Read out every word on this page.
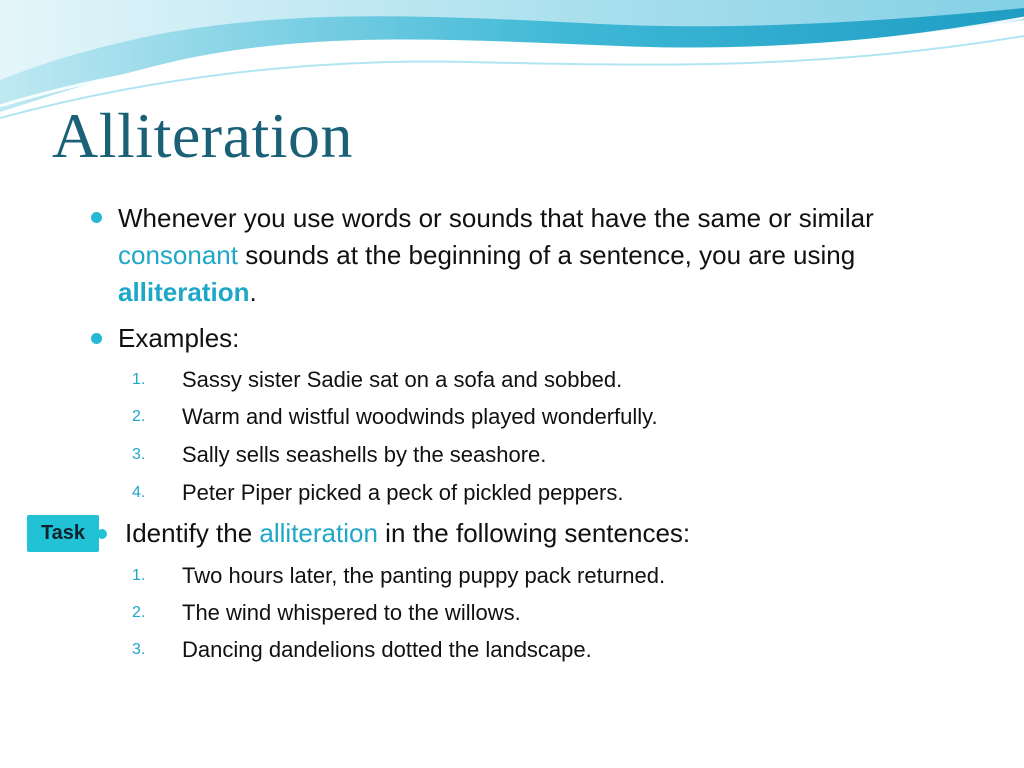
Alliteration
Whenever you use words or sounds that have the same or similar consonant sounds at the beginning of a sentence, you are using alliteration.
Examples:
1.	Sassy sister Sadie sat on a sofa and sobbed.
2.	Warm and wistful woodwinds played wonderfully.
3.	Sally sells seashells by the seashore.
4.	Peter Piper picked a peck of pickled peppers.
Task	Identify the alliteration in the following sentences:
1.	Two hours later, the panting puppy pack returned.
2.	The wind whispered to the willows.
3.	Dancing dandelions dotted the landscape.
